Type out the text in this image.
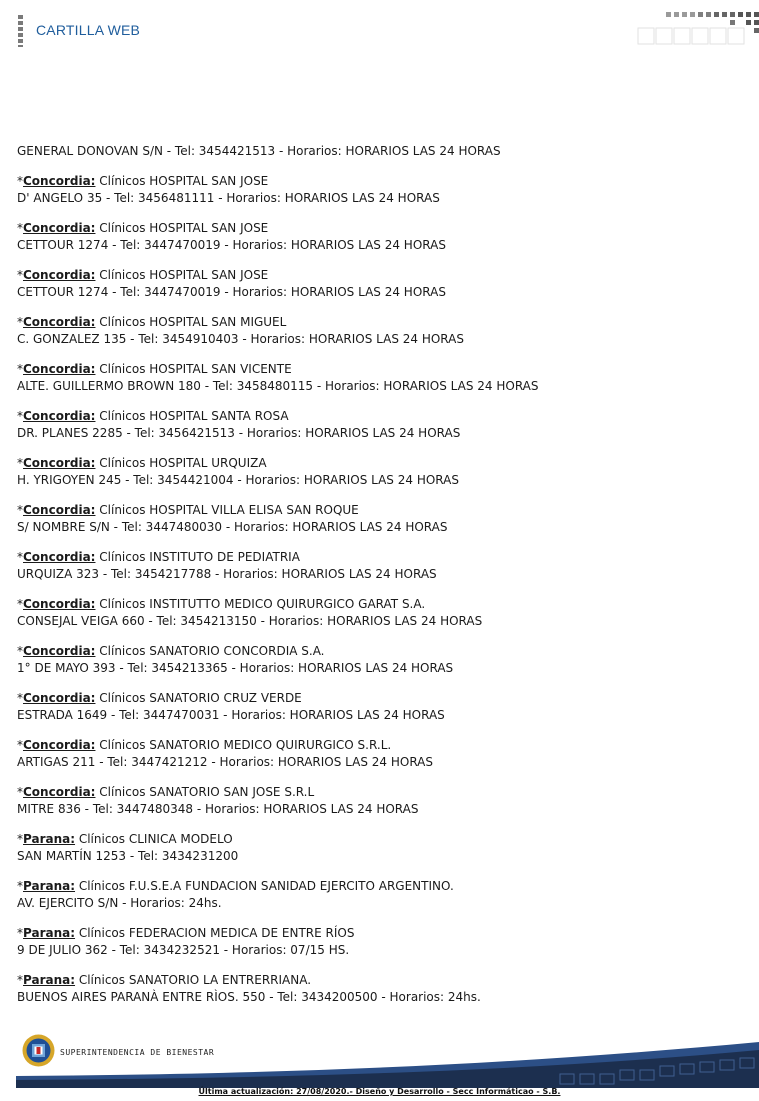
CARTILLA WEB
GENERAL DONOVAN S/N - Tel: 3454421513 - Horarios: HORARIOS LAS 24 HORAS
*Concordia: Clínicos HOSPITAL SAN JOSE
D' ANGELO 35 - Tel: 3456481111 - Horarios: HORARIOS LAS 24 HORAS
*Concordia: Clínicos HOSPITAL SAN JOSE
CETTOUR 1274 - Tel: 3447470019 - Horarios: HORARIOS LAS 24 HORAS
*Concordia: Clínicos HOSPITAL SAN JOSE
CETTOUR 1274 - Tel: 3447470019 - Horarios: HORARIOS LAS 24 HORAS
*Concordia: Clínicos HOSPITAL SAN MIGUEL
C. GONZALEZ 135 - Tel: 3454910403 - Horarios: HORARIOS LAS 24 HORAS
*Concordia: Clínicos HOSPITAL SAN VICENTE
ALTE. GUILLERMO BROWN 180 - Tel: 3458480115 - Horarios: HORARIOS LAS 24 HORAS
*Concordia: Clínicos HOSPITAL SANTA ROSA
DR. PLANES 2285 - Tel: 3456421513 - Horarios: HORARIOS LAS 24 HORAS
*Concordia: Clínicos HOSPITAL URQUIZA
H. YRIGOYEN 245 - Tel: 3454421004 - Horarios: HORARIOS LAS 24 HORAS
*Concordia: Clínicos HOSPITAL VILLA ELISA SAN ROQUE
S/ NOMBRE S/N - Tel: 3447480030 - Horarios: HORARIOS LAS 24 HORAS
*Concordia: Clínicos INSTITUTO DE PEDIATRIA
URQUIZA 323 - Tel: 3454217788 - Horarios: HORARIOS LAS 24 HORAS
*Concordia: Clínicos INSTITUTTO MEDICO QUIRURGICO GARAT S.A.
CONSEJAL VEIGA 660 - Tel: 3454213150 - Horarios: HORARIOS LAS 24 HORAS
*Concordia: Clínicos SANATORIO CONCORDIA S.A.
1° DE MAYO 393 - Tel: 3454213365 - Horarios: HORARIOS LAS 24 HORAS
*Concordia: Clínicos SANATORIO CRUZ VERDE
ESTRADA 1649 - Tel: 3447470031 - Horarios: HORARIOS LAS 24 HORAS
*Concordia: Clínicos SANATORIO MEDICO QUIRURGICO S.R.L.
ARTIGAS 211 - Tel: 3447421212 - Horarios: HORARIOS LAS 24 HORAS
*Concordia: Clínicos SANATORIO SAN JOSE S.R.L
MITRE 836 - Tel: 3447480348 - Horarios: HORARIOS LAS 24 HORAS
*Parana: Clínicos CLINICA MODELO
SAN MARTÍN 1253 - Tel: 3434231200
*Parana: Clínicos F.U.S.E.A FUNDACION SANIDAD EJERCITO ARGENTINO.
AV. EJERCITO S/N - Horarios: 24hs.
*Parana: Clínicos FEDERACION MEDICA DE ENTRE RÍOS
9 DE JULIO 362 - Tel: 3434232521 - Horarios: 07/15 HS.
*Parana: Clínicos SANATORIO LA ENTRERRIANA.
BUENOS AIRES PARANÀ ENTRE RÌOS. 550 - Tel: 3434200500 - Horarios: 24hs.
SUPERINTENDENCIA DE BIENESTAR
Última actualización: 27/08/2020.- Diseño y Desarrollo - Secc Informáticao - S.B.
